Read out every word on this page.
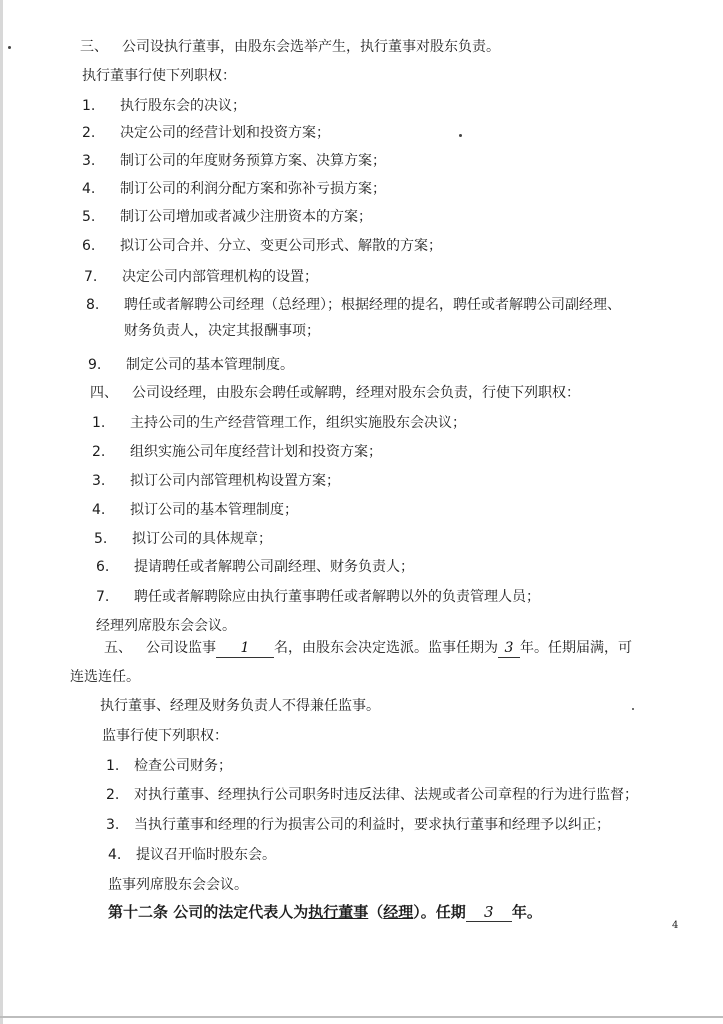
三、 公司设执行董事，由股东会选举产生，执行董事对股东负责。
执行董事行使下列职权：
1. 执行股东会的决议；
2. 决定公司的经营计划和投资方案；
3. 制订公司的年度财务预算方案、决算方案；
4. 制订公司的利润分配方案和弥补亏损方案；
5. 制订公司增加或者减少注册资本的方案；
6. 拟订公司合并、分立、变更公司形式、解散的方案；
7. 决定公司内部管理机构的设置；
8. 聘任或者解聘公司经理（总经理）；根据经理的提名，聘任或者解聘公司副经理、
财务负责人，决定其报酬事项；
9. 制定公司的基本管理制度。
四、 公司设经理，由股东会聘任或解聘，经理对股东会负责，行使下列职权：
1. 主持公司的生产经营管理工作，组织实施股东会决议；
2. 组织实施公司年度经营计划和投资方案；
3. 拟订公司内部管理机构设置方案；
4. 拟订公司的基本管理制度；
5. 拟订公司的具体规章；
6. 提请聘任或者解聘公司副经理、财务负责人；
7. 聘任或者解聘除应由执行董事聘任或者解聘以外的负责管理人员；
经理列席股东会会议。
五、 公司设监事 1 名，由股东会决定选派。监事任期为 3 年。任期届满，可
连选连任。
执行董事、经理及财务负责人不得兼任监事。
监事行使下列职权：
1. 检查公司财务；
2. 对执行董事、经理执行公司职务时违反法律、法规或者公司章程的行为进行监督；
3. 当执行董事和经理的行为损害公司的利益时，要求执行董事和经理予以纠正；
4. 提议召开临时股东会。
监事列席股东会会议。
第十二条 公司的法定代表人为执行董事（经理）。任期 3 年。
4
